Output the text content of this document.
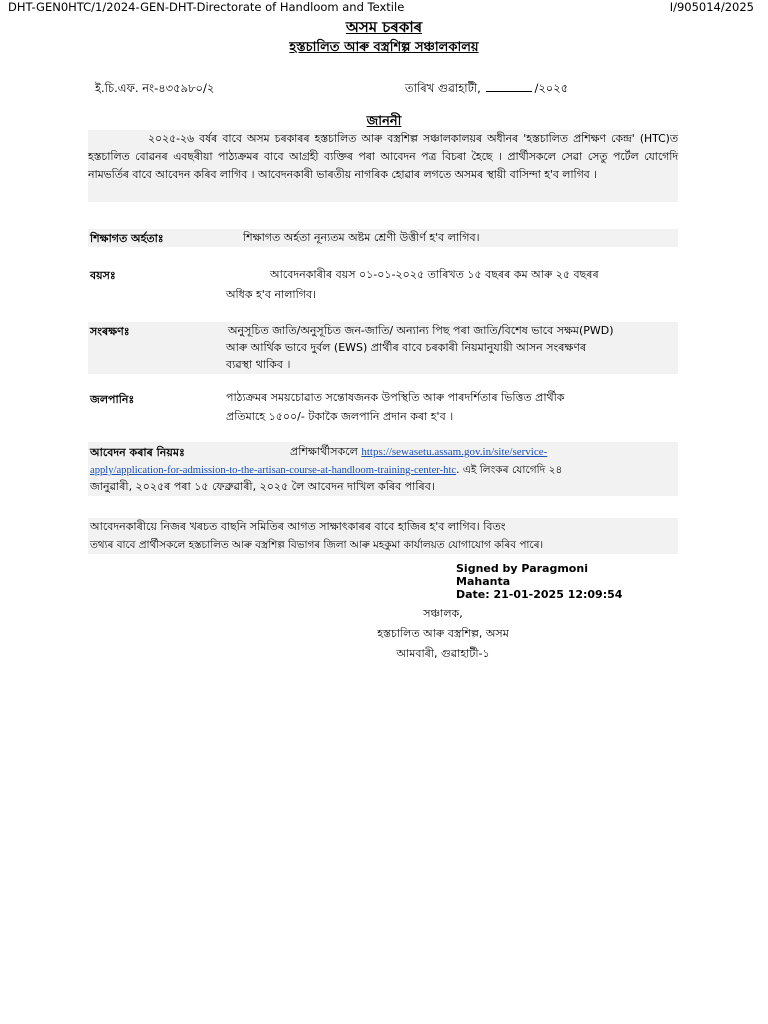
DHT-GEN0HTC/1/2024-GEN-DHT-Directorate of Handloom and Textile	I/905014/2025
অসম চৰকাৰ
হস্তচালিত আৰু বস্ত্ৰশিল্প সঞ্চালকালয়
ই.চি.এফ. নং-৪৩৫৯৮০/২	তাৰিখ গুৱাহাটী,	/২০২৫
জাননী

২০২৫-২৬ বৰ্ষৰ বাবে অসম চৰকাৰৰ হস্তচালিত আৰু বস্ত্ৰশিল্প সঞ্চালকালয়ৰ অধীনৰ 'হস্তচালিত প্ৰশিক্ষণ কেন্দ্ৰ' (HTC)ত হস্তচালিত বোৱনৰ এবছৰীয়া পাঠ্যক্ৰমৰ বাবে আগ্ৰহী ব্যক্তিৰ পৰা আবেদন পত্ৰ বিচৰা হৈছে । প্ৰাৰ্থীসকলে সেৱা সেতু পৰ্টেল যোগেদি নামভৰ্তিৰ বাবে আবেদন কৰিব লাগিব । আবেদনকাৰী ভাৰতীয় নাগৰিক হোৱাৰ লগতে অসমৰ স্থায়ী বাসিন্দা হ'ব লাগিব ।

শিক্ষাগত অৰ্হতাঃ	শিক্ষাগত অৰ্হতা নূন্যতম অষ্টম শ্ৰেণী উত্তীৰ্ণ হ'ব লাগিব।
বয়সঃ	আবেদনকাৰীৰ বয়স ০১-০১-২০২৫ তাৰিখত ১৫ বছৰৰ কম আৰু ২৫ বছৰৰ
অধিক হ'ব নালাগিব।
সংৰক্ষণঃ	অনুসূচিত জাতি/অনুসূচিত জন-জাতি/ অন্যান্য পিছ পৰা জাতি/বিশেষ ভাবে সক্ষম(PWD)
আৰু আৰ্থিক ভাবে দুৰ্বল (EWS) প্ৰাৰ্থীৰ বাবে চৰকাৰী নিয়মানুযায়ী আসন সংৰক্ষণৰ
ব্যৱস্থা থাকিব ।
জলপানিঃ	পাঠ্যক্ৰমৰ সময়চোৱাত সন্তোষজনক উপস্থিতি আৰু পাৰদৰ্শিতাৰ ভিত্তিত প্ৰাৰ্থীক
প্ৰতিমাহে ১৫০০/- টকাকৈ জলপানি প্ৰদান কৰা হ'ব ।
আবেদন কৰাৰ নিয়মঃ	প্ৰশিক্ষাৰ্থীসকলে https://sewasetu.assam.gov.in/site/service-
apply/application-for-admission-to-the-artisan-course-at-handloom-training-center-htc. এই লিংকৰ যোগেদি ২৪
জানুৱাৰী, ২০২৫ৰ পৰা ১৫ ফেব্ৰুৱাৰী, ২০২৫ লৈ আবেদন দাখিল কৰিব পাৰিব।
আবেদনকাৰীয়ে নিজৰ খৰচত বাছনি সমিতিৰ আগত সাক্ষাৎকাৰৰ বাবে হাজিৰ হ'ব লাগিব। বিতং
তথ্যৰ বাবে প্ৰাৰ্থীসকলে হস্তচালিত আৰু বস্ত্ৰশিল্প বিভাগৰ জিলা আৰু মহকুমা কাৰ্যালয়ত যোগাযোগ কৰিব পাৰে।
Signed by Paragmoni
Mahanta
Date: 21-01-2025 12:09:54
সঞ্চালক,
হস্তচালিত আৰু বস্ত্ৰশিল্প, অসম
আমবাৰী, গুৱাহাটী-১
